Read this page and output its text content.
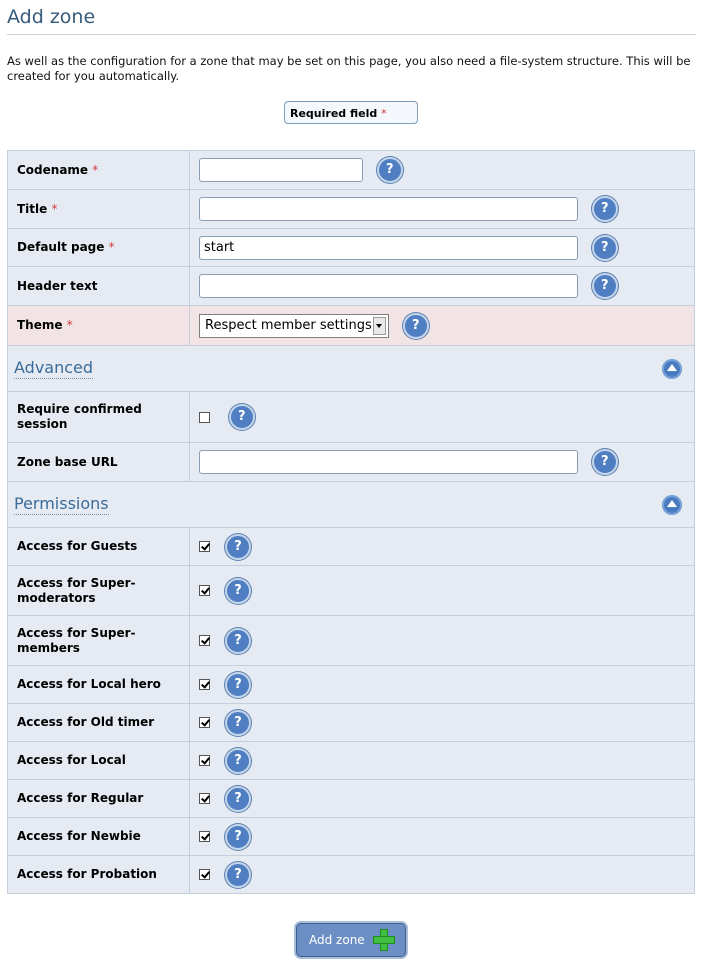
Add zone
As well as the configuration for a zone that may be set on this page, you also need a file-system structure. This will be created for you automatically.
Required field *
Codename *	?
Title *	?
Default page *	start?
Header text	?
Theme *	Respect member settings ?
Advanced	

Require confirmed session	?
Zone base URL	?
Permissions	

Access for Guests	?
Access for Super-moderators	?
Access for Super-members	?
Access for Local hero	?
Access for Old timer	?
Access for Local	?
Access for Regular	?
Access for Newbie	?
Access for Probation	?
Add zone
